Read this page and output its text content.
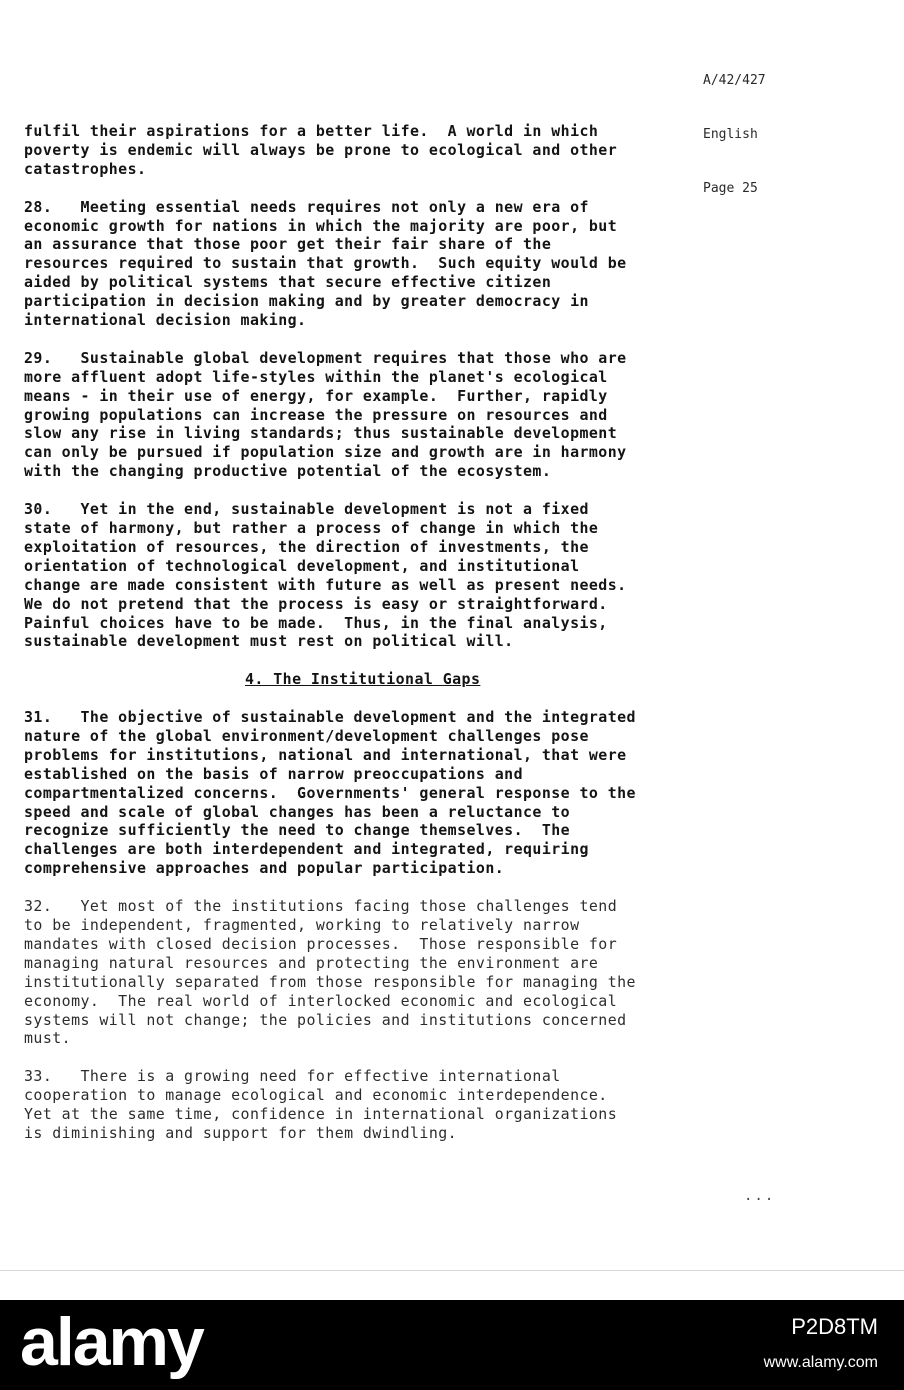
A/42/427

English

Page 25

fulfil their aspirations for a better life.  A world in which
poverty is endemic will always be prone to ecological and other
catastrophes.
28.   Meeting essential needs requires not only a new era of
economic growth for nations in which the majority are poor, but
an assurance that those poor get their fair share of the
resources required to sustain that growth.  Such equity would be
aided by political systems that secure effective citizen
participation in decision making and by greater democracy in
international decision making.
29.   Sustainable global development requires that those who are
more affluent adopt life-styles within the planet's ecological
means - in their use of energy, for example.  Further, rapidly
growing populations can increase the pressure on resources and
slow any rise in living standards; thus sustainable development
can only be pursued if population size and growth are in harmony
with the changing productive potential of the ecosystem.
30.   Yet in the end, sustainable development is not a fixed
state of harmony, but rather a process of change in which the
exploitation of resources, the direction of investments, the
orientation of technological development, and institutional
change are made consistent with future as well as present needs.
We do not pretend that the process is easy or straightforward.
Painful choices have to be made.  Thus, in the final analysis,
sustainable development must rest on political will.

4. The Institutional Gaps

31.   The objective of sustainable development and the integrated
nature of the global environment/development challenges pose
problems for institutions, national and international, that were
established on the basis of narrow preoccupations and
compartmentalized concerns.  Governments' general response to the
speed and scale of global changes has been a reluctance to
recognize sufficiently the need to change themselves.  The
challenges are both interdependent and integrated, requiring
comprehensive approaches and popular participation.
32.   Yet most of the institutions facing those challenges tend
to be independent, fragmented, working to relatively narrow
mandates with closed decision processes.  Those responsible for
managing natural resources and protecting the environment are
institutionally separated from those responsible for managing the
economy.  The real world of interlocked economic and ecological
systems will not change; the policies and institutions concerned
must.
33.   There is a growing need for effective international
cooperation to manage ecological and economic interdependence.
Yet at the same time, confidence in international organizations
is diminishing and support for them dwindling.
...
alamy	P2D8TM
www.alamy.com
